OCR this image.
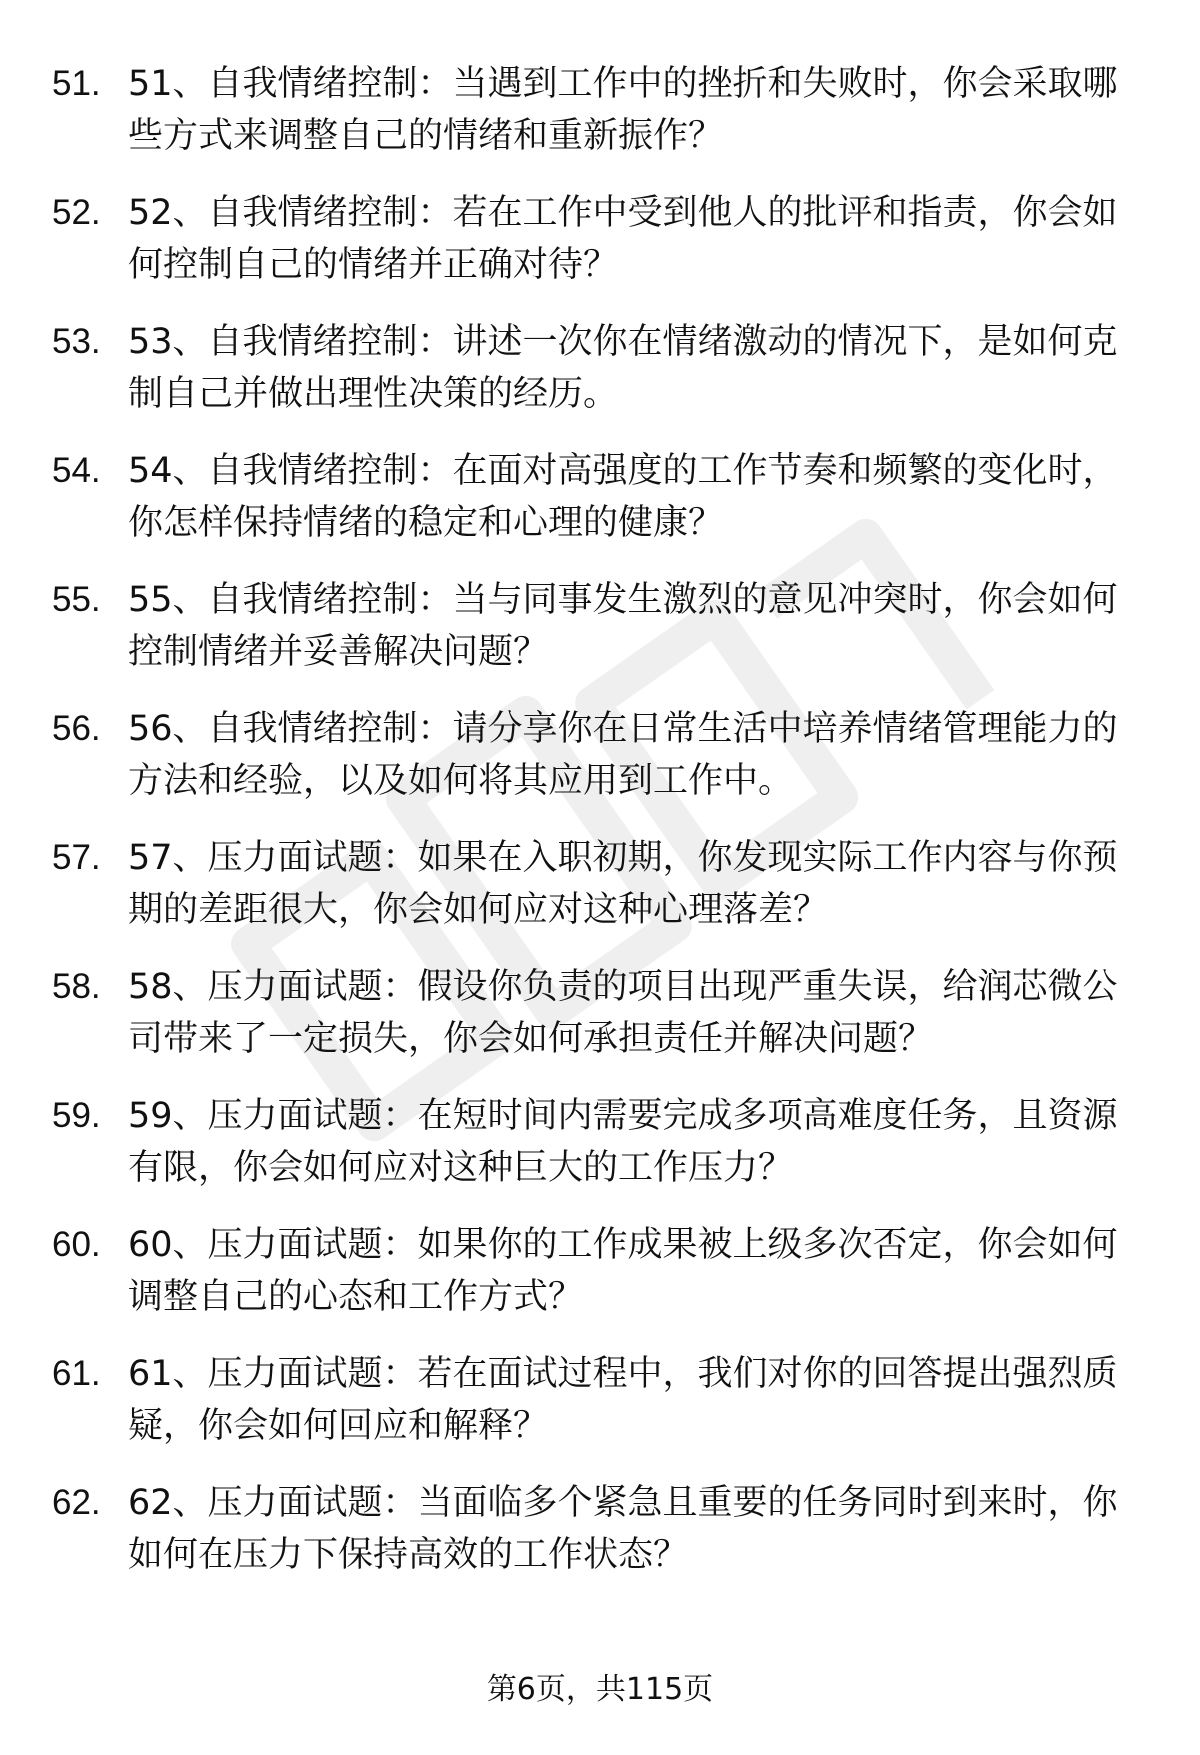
51. 51、自我情绪控制：当遇到工作中的挫折和失败时，你会采取哪些方式来调整自己的情绪和重新振作？
52. 52、自我情绪控制：若在工作中受到他人的批评和指责，你会如何控制自己的情绪并正确对待？
53. 53、自我情绪控制：讲述一次你在情绪激动的情况下，是如何克制自己并做出理性决策的经历。
54. 54、自我情绪控制：在面对高强度的工作节奏和频繁的变化时，你怎样保持情绪的稳定和心理的健康？
55. 55、自我情绪控制：当与同事发生激烈的意见冲突时，你会如何控制情绪并妥善解决问题？
56. 56、自我情绪控制：请分享你在日常生活中培养情绪管理能力的方法和经验，以及如何将其应用到工作中。
57. 57、压力面试题：如果在入职初期，你发现实际工作内容与你预期的差距很大，你会如何应对这种心理落差？
58. 58、压力面试题：假设你负责的项目出现严重失误，给润芯微公司带来了一定损失，你会如何承担责任并解决问题？
59. 59、压力面试题：在短时间内需要完成多项高难度任务，且资源有限，你会如何应对这种巨大的工作压力？
60. 60、压力面试题：如果你的工作成果被上级多次否定，你会如何调整自己的心态和工作方式？
61. 61、压力面试题：若在面试过程中，我们对你的回答提出强烈质疑，你会如何回应和解释？
62. 62、压力面试题：当面临多个紧急且重要的任务同时到来时，你如何在压力下保持高效的工作状态？
第6页，共115页
